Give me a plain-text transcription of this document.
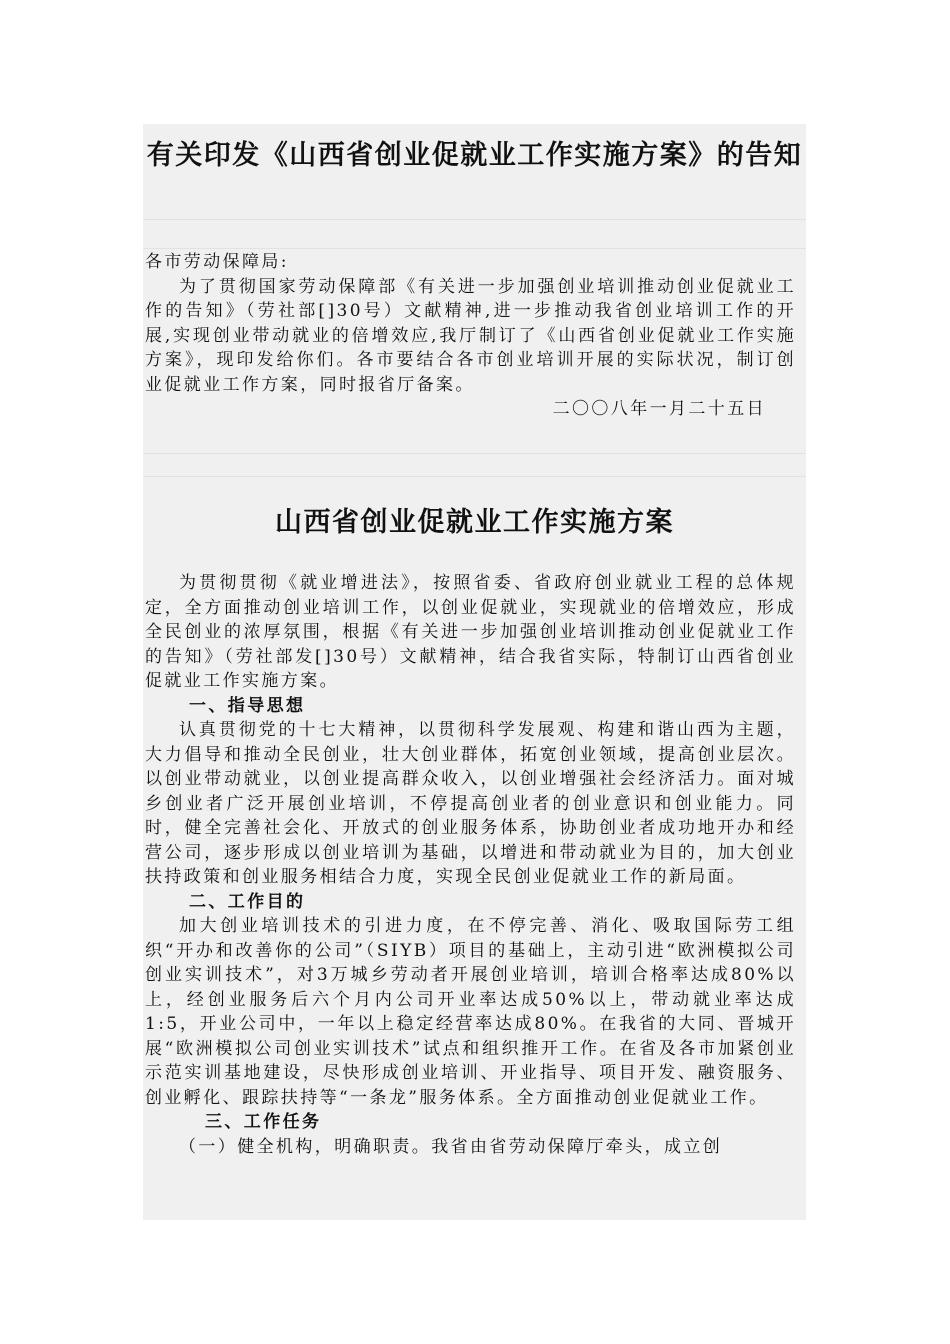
有关印发《山西省创业促就业工作实施方案》的告知

各市劳动保障局:

为了贯彻国家劳动保障部《有关进一步加强创业培训推动创业促就业工作的告知》（劳社部[]30号）文献精神,进一步推动我省创业培训工作的开展,实现创业带动就业的倍增效应,我厅制订了《山西省创业促就业工作实施方案》，现印发给你们。各市要结合各市创业培训开展的实际状况，制订创业促就业工作方案，同时报省厅备案。

二〇〇八年一月二十五日

山西省创业促就业工作实施方案

为贯彻贯彻《就业增进法》，按照省委、省政府创业就业工程的总体规定，全方面推动创业培训工作，以创业促就业，实现就业的倍增效应，形成全民创业的浓厚氛围，根据《有关进一步加强创业培训推动创业促就业工作的告知》（劳社部发[]30号）文献精神，结合我省实际，特制订山西省创业促就业工作实施方案。

一、指导思想

认真贯彻党的十七大精神，以贯彻科学发展观、构建和谐山西为主题，大力倡导和推动全民创业，壮大创业群体，拓宽创业领域，提高创业层次。以创业带动就业，以创业提高群众收入，以创业增强社会经济活力。面对城乡创业者广泛开展创业培训，不停提高创业者的创业意识和创业能力。同时，健全完善社会化、开放式的创业服务体系，协助创业者成功地开办和经营公司，逐步形成以创业培训为基础，以增进和带动就业为目的，加大创业扶持政策和创业服务相结合力度，实现全民创业促就业工作的新局面。

二、工作目的

加大创业培训技术的引进力度，在不停完善、消化、吸取国际劳工组织“开办和改善你的公司”（SIYB）项目的基础上，主动引进“欧洲模拟公司创业实训技术”，对3万城乡劳动者开展创业培训，培训合格率达成80%以上，经创业服务后六个月内公司开业率达成50%以上，带动就业率达成1:5，开业公司中，一年以上稳定经营率达成80%。在我省的大同、晋城开展“欧洲模拟公司创业实训技术”试点和组织推开工作。在省及各市加紧创业示范实训基地建设，尽快形成创业培训、开业指导、项目开发、融资服务、创业孵化、跟踪扶持等“一条龙”服务体系。全方面推动创业促就业工作。

三、工作任务

（一）健全机构，明确职责。我省由省劳动保障厅牵头，成立创
